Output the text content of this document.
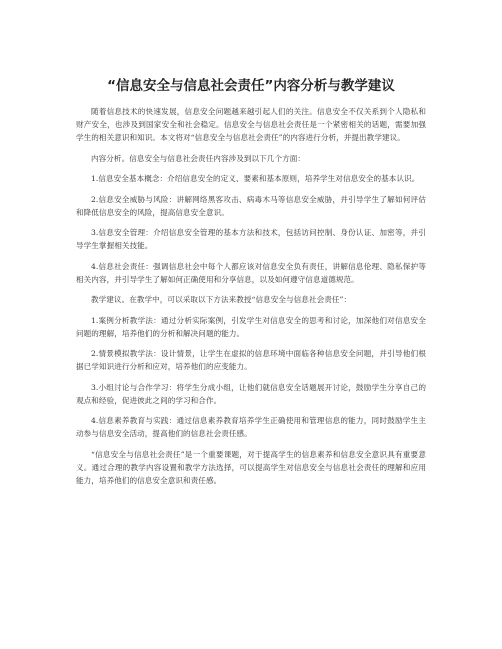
“信息安全与信息社会责任”内容分析与教学建议

随着信息技术的快速发展，信息安全问题越来越引起人们的关注。信息安全不仅关系到个人隐私和财产安全，也涉及到国家安全和社会稳定。信息安全与信息社会责任是一个紧密相关的话题，需要加强学生的相关意识和知识。本文将对“信息安全与信息社会责任”的内容进行分析，并提出教学建议。

内容分析。信息安全与信息社会责任内容涉及到以下几个方面：

1.信息安全基本概念：介绍信息安全的定义、要素和基本原则，培养学生对信息安全的基本认识。

2.信息安全威胁与风险：讲解网络黑客攻击、病毒木马等信息安全威胁，并引导学生了解如何评估和降低信息安全的风险，提高信息安全意识。

3.信息安全管理：介绍信息安全管理的基本方法和技术，包括访问控制、身份认证、加密等，并引导学生掌握相关技能。

4.信息社会责任：强调信息社会中每个人都应该对信息安全负有责任，讲解信息伦理、隐私保护等相关内容，并引导学生了解如何正确使用和分享信息，以及如何遵守信息道德规范。

教学建议。在教学中，可以采取以下方法来教授“信息安全与信息社会责任”：

1.案例分析教学法：通过分析实际案例，引发学生对信息安全的思考和讨论，加深他们对信息安全问题的理解，培养他们的分析和解决问题的能力。

2.情景模拟教学法：设计情景，让学生在虚拟的信息环境中面临各种信息安全问题，并引导他们根据已学知识进行分析和应对，培养他们的应变能力。

3.小组讨论与合作学习：将学生分成小组，让他们就信息安全话题展开讨论，鼓励学生分享自己的观点和经验，促进彼此之间的学习和合作。

4.信息素养教育与实践：通过信息素养教育培养学生正确使用和管理信息的能力，同时鼓励学生主动参与信息安全活动，提高他们的信息社会责任感。

“信息安全与信息社会责任”是一个重要课题，对于提高学生的信息素养和信息安全意识具有重要意义。通过合理的教学内容设置和教学方法选择，可以提高学生对信息安全与信息社会责任的理解和应用能力，培养他们的信息安全意识和责任感。
